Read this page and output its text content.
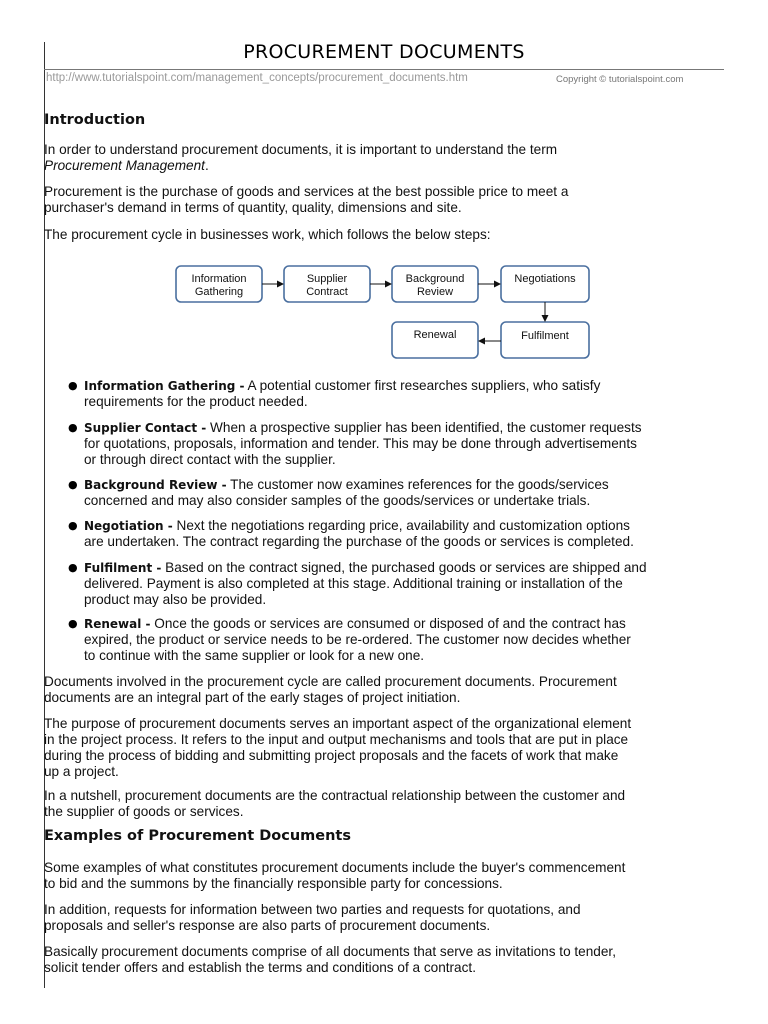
PROCUREMENT DOCUMENTS
http://www.tutorialspoint.com/management_concepts/procurement_documents.htm	Copyright © tutorialspoint.com
Introduction
In order to understand procurement documents, it is important to understand the term
Procurement Management.
Procurement is the purchase of goods and services at the best possible price to meet a
purchaser's demand in terms of quantity, quality, dimensions and site.
The procurement cycle in businesses work, which follows the below steps:
Information
Gathering
Supplier
Contract
Background
Review
Negotiations
Fulfilment
Renewal
● Information Gathering - A potential customer first researches suppliers, who satisfy
requirements for the product needed.
● Supplier Contact - When a prospective supplier has been identified, the customer requests
for quotations, proposals, information and tender. This may be done through advertisements
or through direct contact with the supplier.
● Background Review - The customer now examines references for the goods/services
concerned and may also consider samples of the goods/services or undertake trials.
● Negotiation - Next the negotiations regarding price, availability and customization options
are undertaken. The contract regarding the purchase of the goods or services is completed.
● Fulfilment - Based on the contract signed, the purchased goods or services are shipped and
delivered. Payment is also completed at this stage. Additional training or installation of the
product may also be provided.
● Renewal - Once the goods or services are consumed or disposed of and the contract has
expired, the product or service needs to be re-ordered. The customer now decides whether
to continue with the same supplier or look for a new one.
Documents involved in the procurement cycle are called procurement documents. Procurement
documents are an integral part of the early stages of project initiation.
The purpose of procurement documents serves an important aspect of the organizational element
in the project process. It refers to the input and output mechanisms and tools that are put in place
during the process of bidding and submitting project proposals and the facets of work that make
up a project.
In a nutshell, procurement documents are the contractual relationship between the customer and
the supplier of goods or services.
Examples of Procurement Documents
Some examples of what constitutes procurement documents include the buyer's commencement
to bid and the summons by the financially responsible party for concessions.
In addition, requests for information between two parties and requests for quotations, and
proposals and seller's response are also parts of procurement documents.
Basically procurement documents comprise of all documents that serve as invitations to tender,
solicit tender offers and establish the terms and conditions of a contract.
